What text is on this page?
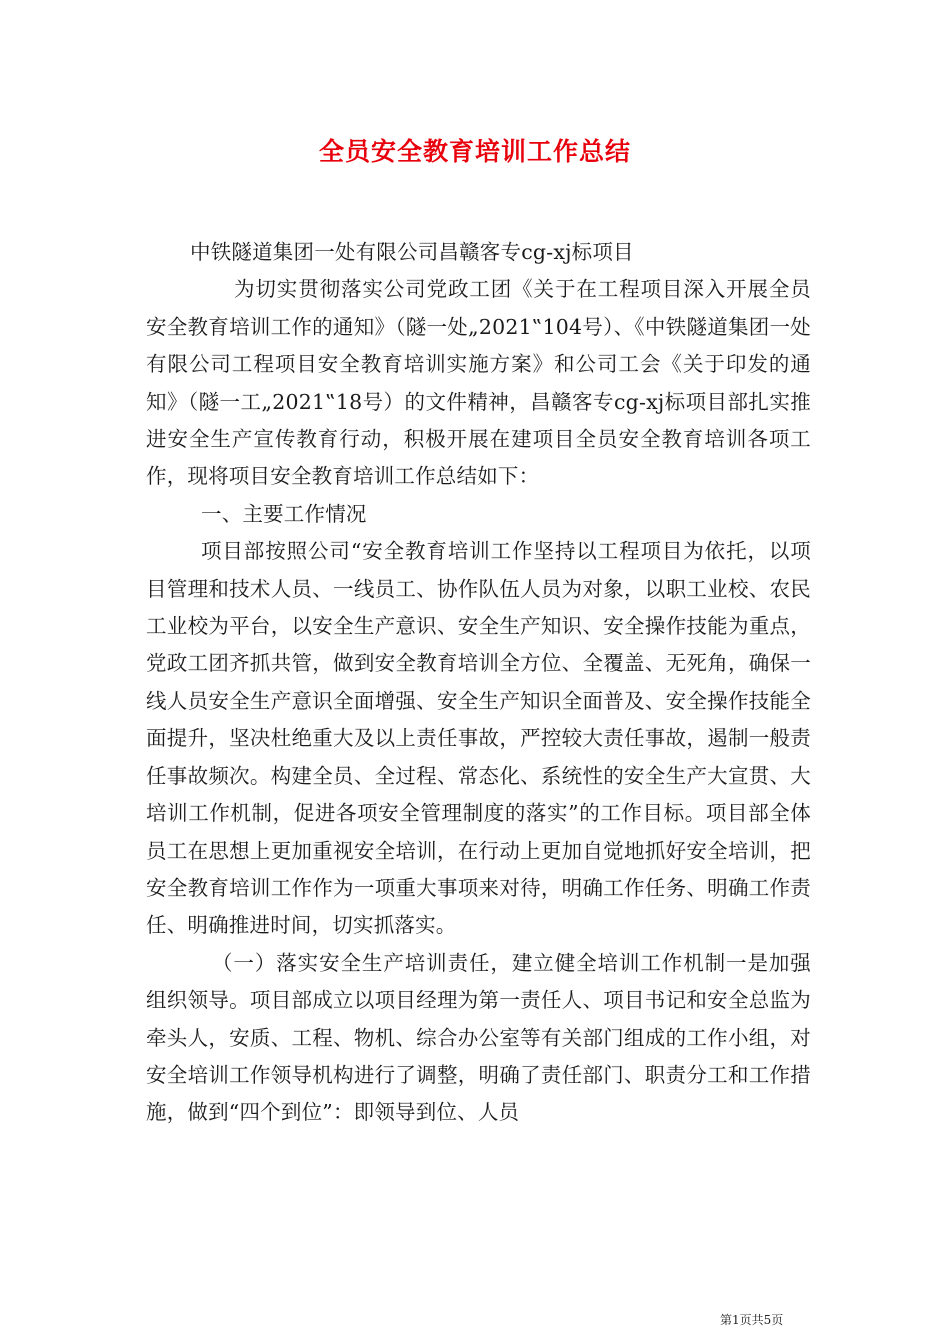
全员安全教育培训工作总结

中铁隧道集团一处有限公司昌赣客专cg-xj标项目

为切实贯彻落实公司党政工团《关于在工程项目深入开展全员安全教育培训工作的通知》（隧一处„2021‟104号）、《中铁隧道集团一处有限公司工程项目安全教育培训实施方案》和公司工会《关于印发的通知》（隧一工„2021‟18号）的文件精神，昌赣客专cg-xj标项目部扎实推进安全生产宣传教育行动，积极开展在建项目全员安全教育培训各项工作，现将项目安全教育培训工作总结如下：

一、主要工作情况

项目部按照公司“安全教育培训工作坚持以工程项目为依托，以项目管理和技术人员、一线员工、协作队伍人员为对象，以职工业校、农民工业校为平台，以安全生产意识、安全生产知识、安全操作技能为重点，党政工团齐抓共管，做到安全教育培训全方位、全覆盖、无死角，确保一线人员安全生产意识全面增强、安全生产知识全面普及、安全操作技能全面提升，坚决杜绝重大及以上责任事故，严控较大责任事故，遏制一般责任事故频次。构建全员、全过程、常态化、系统性的安全生产大宣贯、大培训工作机制，促进各项安全管理制度的落实”的工作目标。项目部全体员工在思想上更加重视安全培训，在行动上更加自觉地抓好安全培训，把安全教育培训工作作为一项重大事项来对待，明确工作任务、明确工作责任、明确推进时间，切实抓落实。

（一）落实安全生产培训责任，建立健全培训工作机制一是加强组织领导。项目部成立以项目经理为第一责任人、项目书记和安全总监为牵头人，安质、工程、物机、综合办公室等有关部门组成的工作小组，对安全培训工作领导机构进行了调整，明确了责任部门、职责分工和工作措施，做到“四个到位”：即领导到位、人员

第1页共5页
